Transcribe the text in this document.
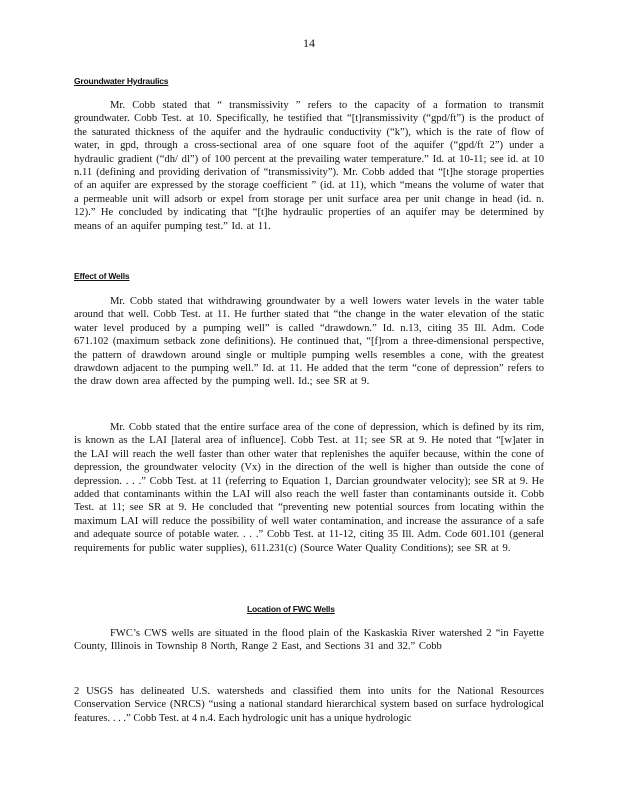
14
Groundwater Hydraulics

Mr. Cobb stated that “ transmissivity ” refers to the capacity of a formation to transmit groundwater. Cobb Test. at 10. Specifically, he testified that “[t]ransmissivity (“gpd/ft”) is the product of the saturated thickness of the aquifer and the hydraulic conductivity (“k”), which is the rate of flow of water, in gpd, through a cross-sectional area of one square foot of the aquifer (“gpd/ft 2”) under a hydraulic gradient (“dh/ dl”) of 100 percent at the prevailing water temperature.” Id. at 10-11; see id. at 10 n.11 (defining and providing derivation of “transmissivity”). Mr. Cobb added that “[t]he storage properties of an aquifer are expressed by the storage coefficient ” (id. at 11), which “means the volume of water that a permeable unit will adsorb or expel from storage per unit surface area per unit change in head (id. n. 12).” He concluded by indicating that “[t]he hydraulic properties of an aquifer may be determined by means of an aquifer pumping test.” Id. at 11.

Effect of Wells

Mr. Cobb stated that withdrawing groundwater by a well lowers water levels in the water table around that well. Cobb Test. at 11. He further stated that “the change in the water elevation of the static water level produced by a pumping well” is called “drawdown.” Id. n.13, citing 35 Ill. Adm. Code 671.102 (maximum setback zone definitions). He continued that, “[f]rom a three-dimensional perspective, the pattern of drawdown around single or multiple pumping wells resembles a cone, with the greatest drawdown adjacent to the pumping well.” Id. at 11. He added that the term “cone of depression” refers to the draw down area affected by the pumping well. Id.; see SR at 9.

Mr. Cobb stated that the entire surface area of the cone of depression, which is defined by its rim, is known as the LAI [lateral area of influence]. Cobb Test. at 11; see SR at 9. He noted that “[w]ater in the LAI will reach the well faster than other water that replenishes the aquifer because, within the cone of depression, the groundwater velocity (Vx) in the direction of the well is higher than outside the cone of depression. . . .” Cobb Test. at 11 (referring to Equation 1, Darcian groundwater velocity); see SR at 9. He added that contaminants within the LAI will also reach the well faster than contaminants outside it. Cobb Test. at 11; see SR at 9. He concluded that “preventing new potential sources from locating within the maximum LAI will reduce the possibility of well water contamination, and increase the assurance of a safe and adequate source of potable water. . . .” Cobb Test. at 11-12, citing 35 Ill. Adm. Code 601.101 (general requirements for public water supplies), 611.231(c) (Source Water Quality Conditions); see SR at 9.

Location of FWC Wells

FWC’s CWS wells are situated in the flood plain of the Kaskaskia River watershed 2 “in Fayette County, Illinois in Township 8 North, Range 2 East, and Sections 31 and 32.” Cobb

2 USGS has delineated U.S. watersheds and classified them into units for the National Resources Conservation Service (NRCS) “using a national standard hierarchical system based on surface hydrological features. . . .” Cobb Test. at 4 n.4. Each hydrologic unit has a unique hydrologic
